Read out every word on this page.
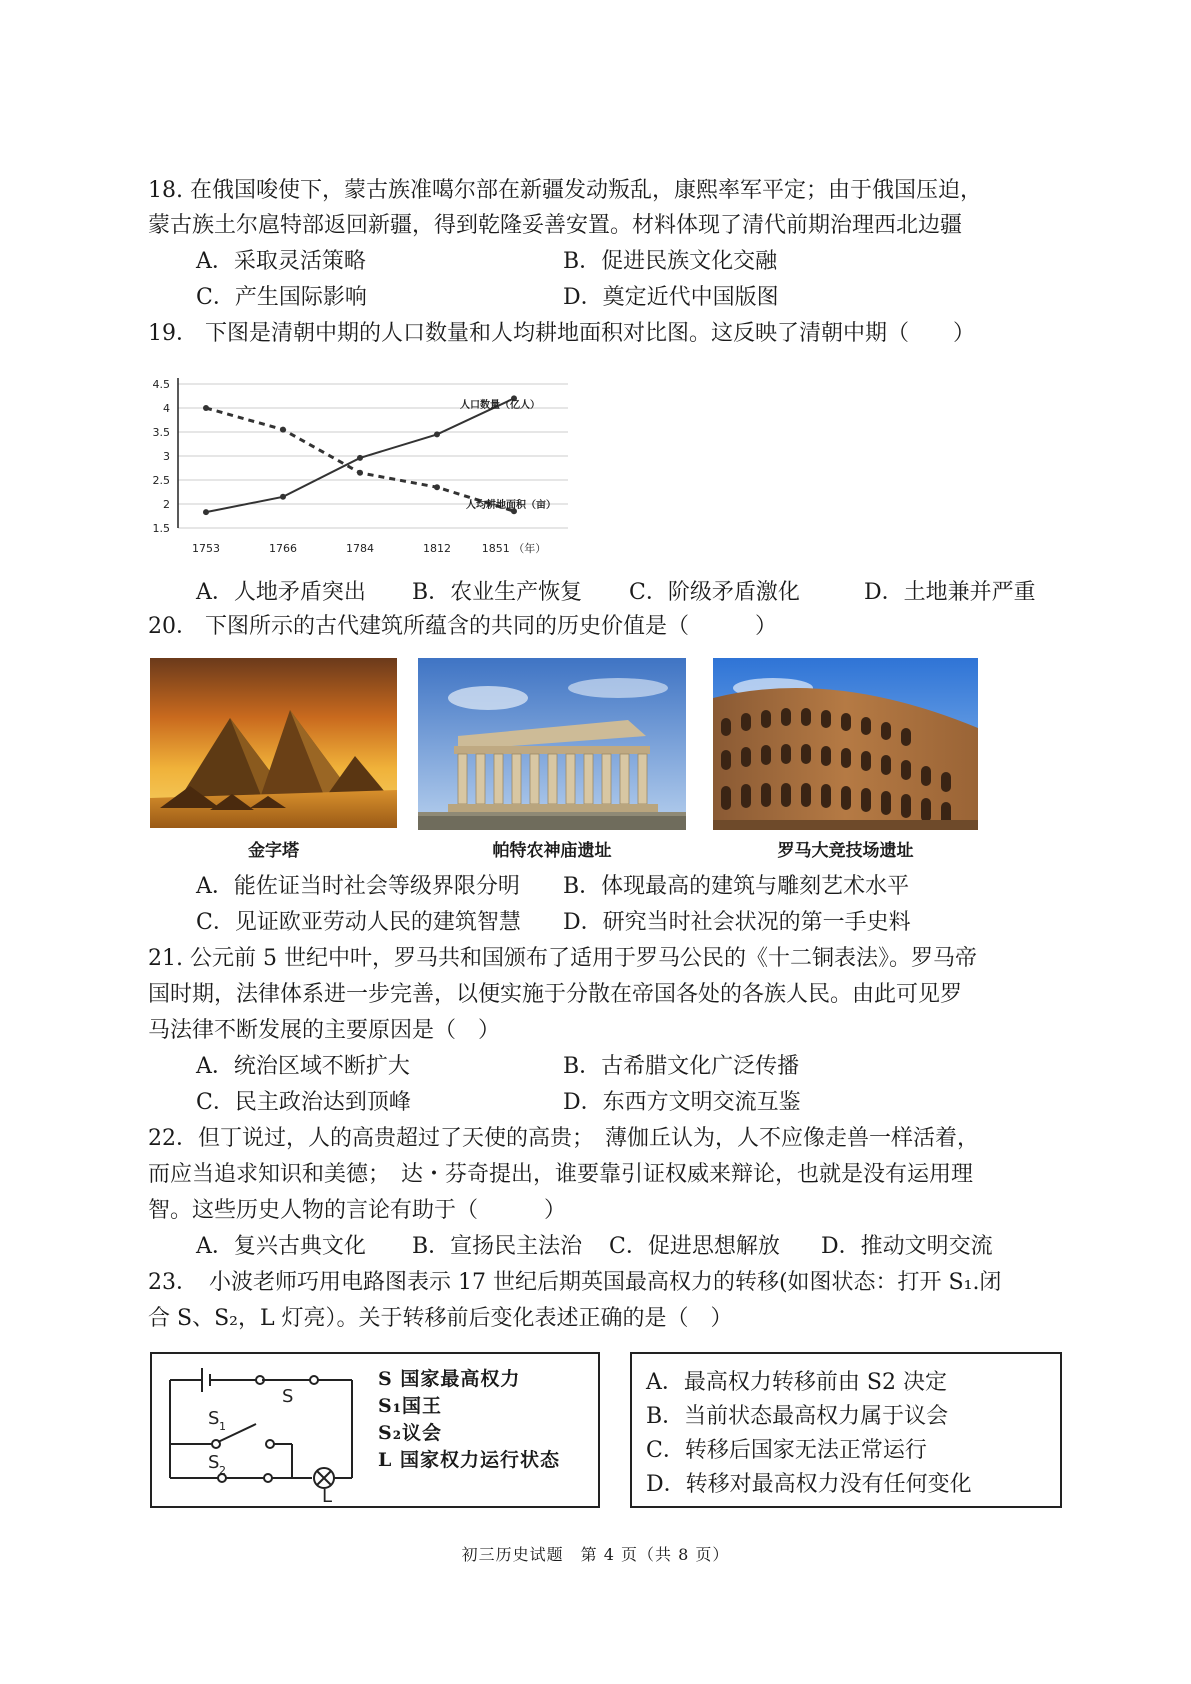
18. 在俄国唆使下，蒙古族准噶尔部在新疆发动叛乱，康熙率军平定；由于俄国压迫，
蒙古族土尔扈特部返回新疆，得到乾隆妥善安置。材料体现了清代前期治理西北边疆
A．采取灵活策略	B．促进民族文化交融
C．产生国际影响	D．奠定近代中国版图
19． 下图是清朝中期的人口数量和人均耕地面积对比图。这反映了清朝中期（　　）
4.5
4
3.5
3
2.5
2
1.5
1753	1766	1784	1812	1851 （年）
人口数量（亿人）
人均耕地面积（亩）
A．人地矛盾突出 B．农业生产恢复 C．阶级矛盾激化	D．土地兼并严重
20． 下图所示的古代建筑所蕴含的共同的历史价值是（　　　）
金字塔	帕特农神庙遗址	罗马大竞技场遗址
A．能佐证当时社会等级界限分明 B．体现最高的建筑与雕刻艺术水平
C．见证欧亚劳动人民的建筑智慧 D．研究当时社会状况的第一手史料
21. 公元前 5 世纪中叶，罗马共和国颁布了适用于罗马公民的《十二铜表法》。罗马帝
国时期，法律体系进一步完善，以便实施于分散在帝国各处的各族人民。由此可见罗
马法律不断发展的主要原因是（　）
A．统治区域不断扩大	B．古希腊文化广泛传播
C．民主政治达到顶峰	D．东西方文明交流互鉴
22．但丁说过，人的高贵超过了天使的高贵；　薄伽丘认为，人不应像走兽一样活着，
而应当追求知识和美德；　达・芬奇提出，谁要靠引证权威来辩论，也就是没有运用理
智。这些历史人物的言论有助于（　　　）
A．复兴古典文化 B．宣扬民主法治 C．促进思想解放 D．推动文明交流
23．　小波老师巧用电路图表示 17 世纪后期英国最高权力的转移(如图状态：打开 S₁.闭
合 S、S₂，L 灯亮）。关于转移前后变化表述正确的是（　）
S
S 1
S 2
L
S 国家最高权力
S₁国王
S₂议会
L 国家权力运行状态
A．最高权力转移前由 S2 决定
B．当前状态最高权力属于议会
C．转移后国家无法正常运行
D．转移对最高权力没有任何变化
初三历史试题　第 4 页（共 8 页）
